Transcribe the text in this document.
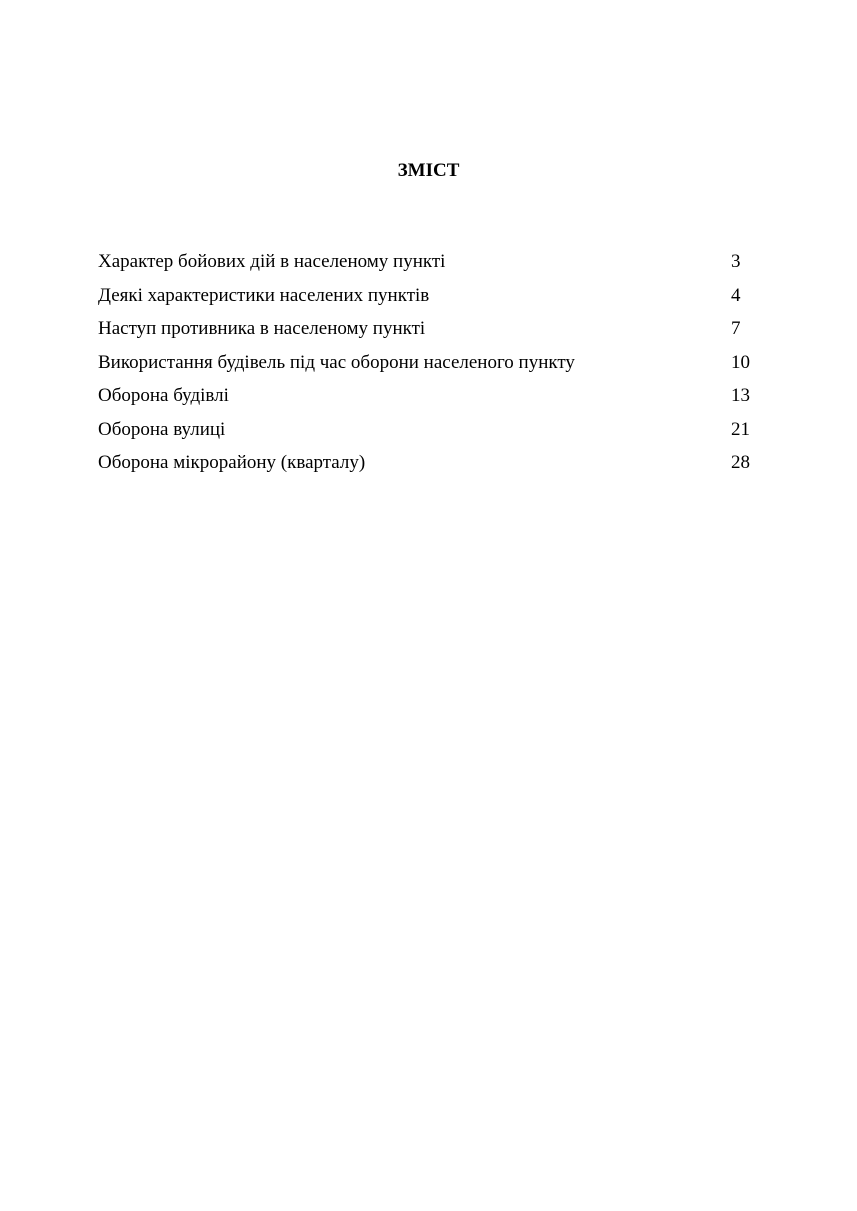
ЗМІСТ
Характер бойових дій в населеному пункті	3
Деякі характеристики населених пунктів	4
Наступ противника в населеному пункті	7
Використання будівель під час оборони населеного пункту	10
Оборона будівлі	13
Оборона вулиці	21
Оборона мікрорайону (кварталу)	28
